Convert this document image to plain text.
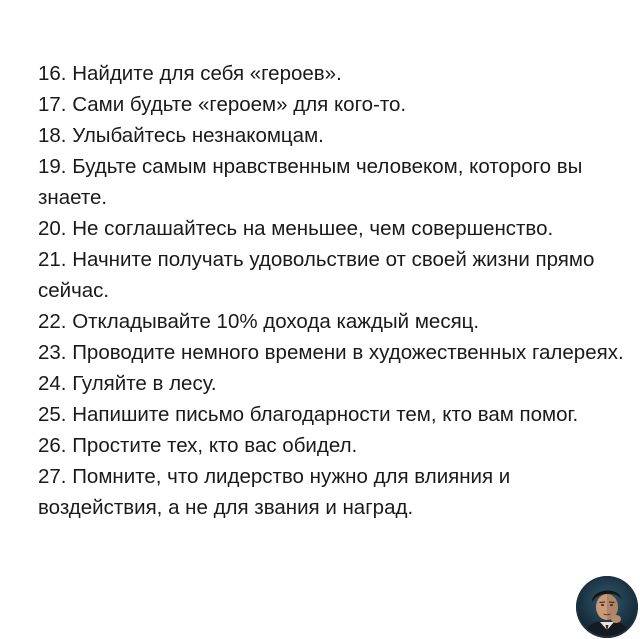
16. Найдите для себя «героев».
17. Сами будьте «героем» для кого-то.
18. Улыбайтесь незнакомцам.
19. Будьте самым нравственным человеком, которого вы знаете.
20. Не соглашайтесь на меньшее, чем совершенство.
21. Начните получать удовольствие от своей жизни прямо сейчас.
22. Откладывайте 10% дохода каждый месяц.
23. Проводите немного времени в художественных галереях.
24. Гуляйте в лесу.
25. Напишите письмо благодарности тем, кто вам помог.
26. Простите тех, кто вас обидел.
27. Помните, что лидерство нужно для влияния и воздействия, а не для звания и наград.
